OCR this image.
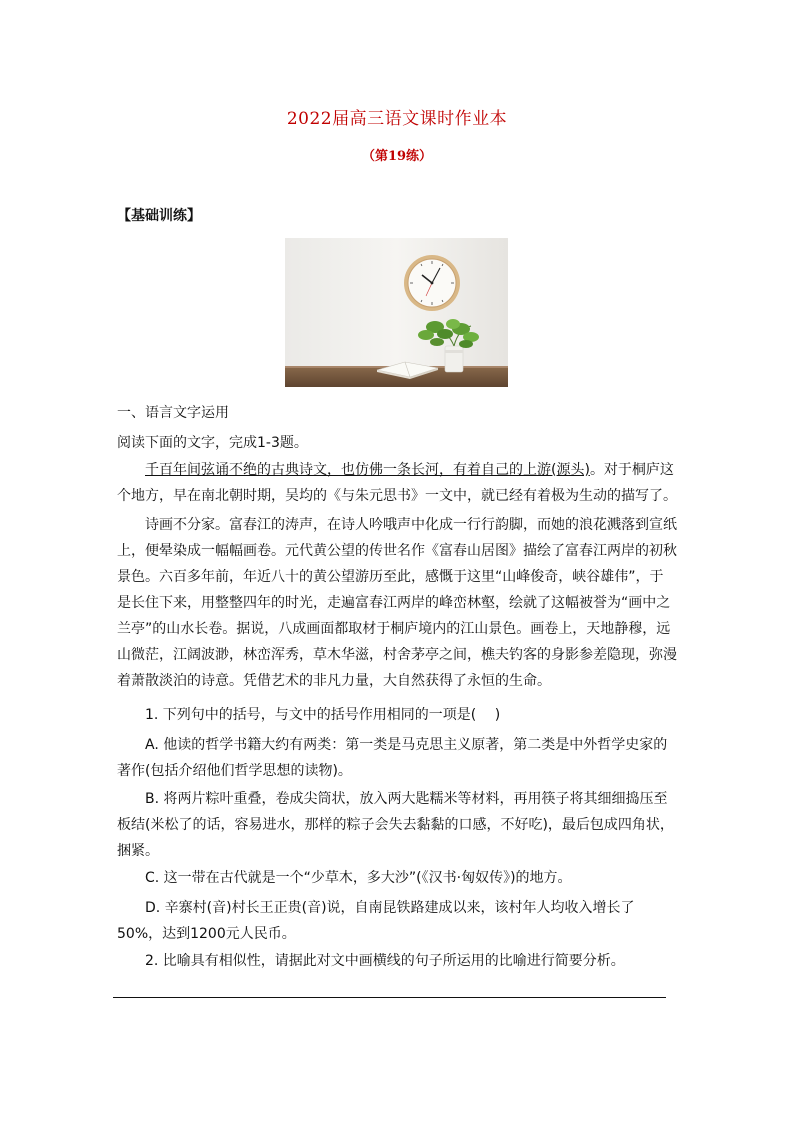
2022届高三语文课时作业本
（第19练）
【基础训练】
一、语言文字运用
阅读下面的文字，完成1-3题。
千百年间弦诵不绝的古典诗文，也仿佛一条长河，有着自己的上游(源头)。对于桐庐这个地方，早在南北朝时期，吴均的《与朱元思书》一文中，就已经有着极为生动的描写了。
诗画不分家。富春江的涛声，在诗人吟哦声中化成一行行韵脚，而她的浪花溅落到宣纸上，便晕染成一幅幅画卷。元代黄公望的传世名作《富春山居图》描绘了富春江两岸的初秋景色。六百多年前，年近八十的黄公望游历至此，感慨于这里“山峰俊奇，峡谷雄伟”，于是长住下来，用整整四年的时光，走遍富春江两岸的峰峦林壑，绘就了这幅被誉为“画中之兰亭”的山水长卷。据说，八成画面都取材于桐庐境内的江山景色。画卷上，天地静穆，远山微茫，江阔波渺，林峦浑秀，草木华滋，村舍茅亭之间，樵夫钓客的身影参差隐现，弥漫着萧散淡泊的诗意。凭借艺术的非凡力量，大自然获得了永恒的生命。
1. 下列句中的括号，与文中的括号作用相同的一项是(　 )
A. 他读的哲学书籍大约有两类：第一类是马克思主义原著，第二类是中外哲学史家的著作(包括介绍他们哲学思想的读物)。
B. 将两片粽叶重叠，卷成尖筒状，放入两大匙糯米等材料，再用筷子将其细细捣压至板结(米松了的话，容易进水，那样的粽子会失去黏黏的口感，不好吃)，最后包成四角状，捆紧。
C. 这一带在古代就是一个“少草木，多大沙”(《汉书·匈奴传》)的地方。
D. 辛寨村(音)村长王正贵(音)说，自南昆铁路建成以来，该村年人均收入增长了50%，达到1200元人民币。
2. 比喻具有相似性，请据此对文中画横线的句子所运用的比喻进行简要分析。
